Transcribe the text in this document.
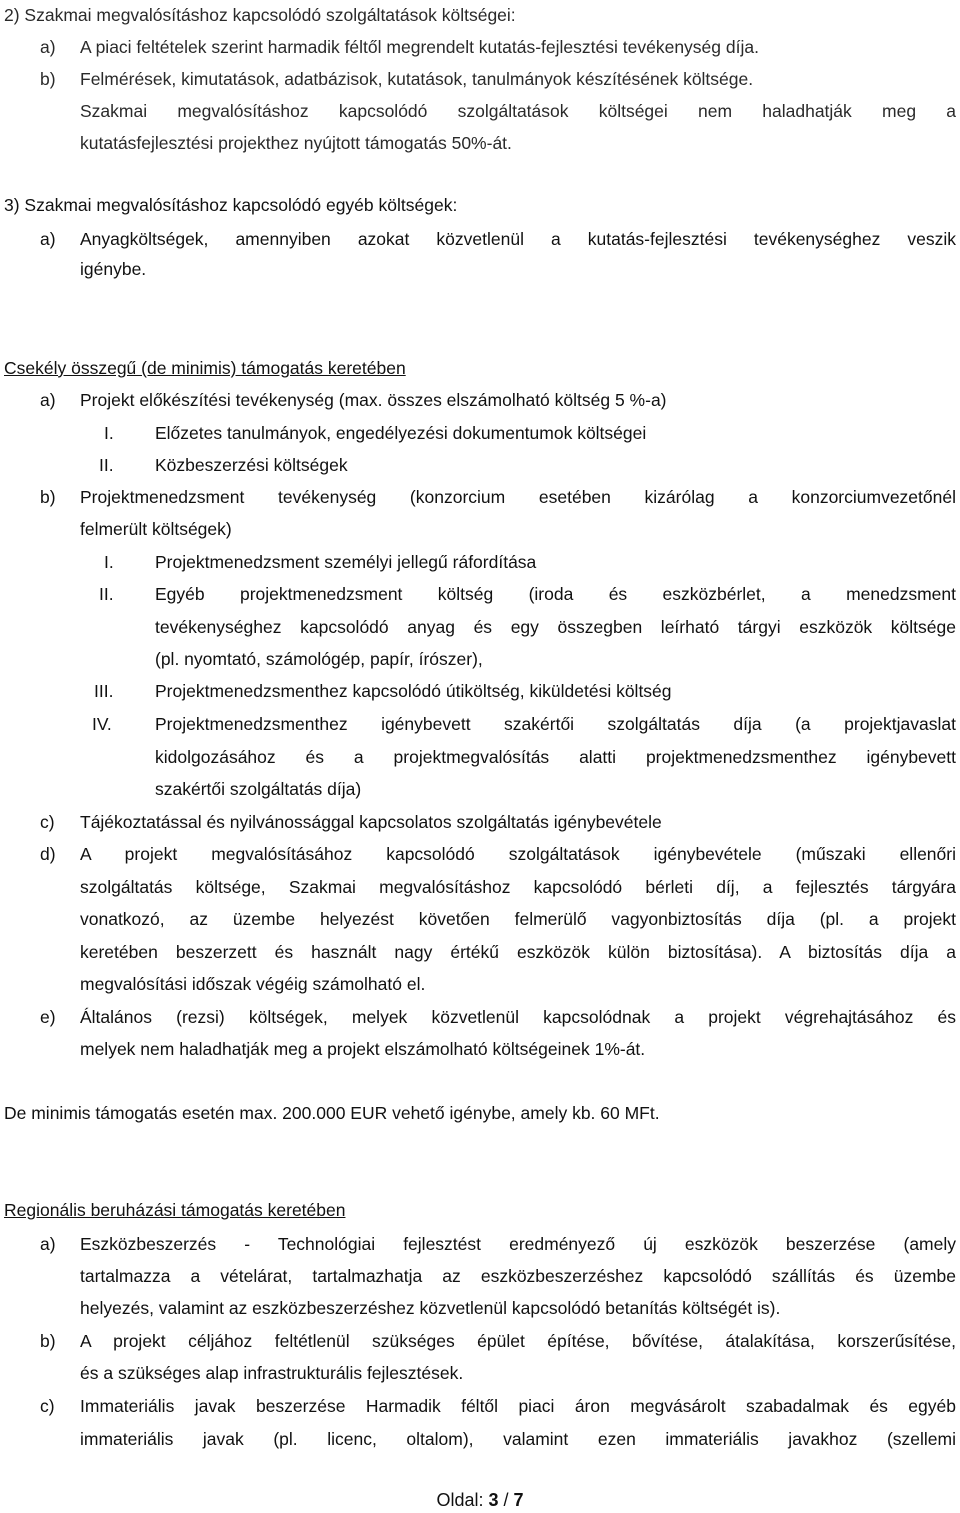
2) Szakmai megvalósításhoz kapcsolódó szolgáltatások költségei:
a) A piaci feltételek szerint harmadik féltől megrendelt kutatás-fejlesztési tevékenység díja.
b) Felmérések, kimutatások, adatbázisok, kutatások, tanulmányok készítésének költsége.
Szakmai megvalósításhoz kapcsolódó szolgáltatások költségei nem haladhatják meg a
kutatásfejlesztési projekthez nyújtott támogatás 50%-át.
3) Szakmai megvalósításhoz kapcsolódó egyéb költségek:
a) Anyagköltségek, amennyiben azokat közvetlenül a kutatás-fejlesztési tevékenységhez veszik
igénybe.
Csekély összegű (de minimis) támogatás keretében
a) Projekt előkészítési tevékenység (max. összes elszámolható költség 5 %-a)
I. Előzetes tanulmányok, engedélyezési dokumentumok költségei
II. Közbeszerzési költségek
b) Projektmenedzsment tevékenység (konzorcium esetében kizárólag a konzorciumvezetőnél
felmerült költségek)
I. Projektmenedzsment személyi jellegű ráfordítása
II. Egyéb projektmenedzsment költség (iroda és eszközbérlet, a menedzsment
tevékenységhez kapcsolódó anyag és egy összegben leírható tárgyi eszközök költsége
(pl. nyomtató, számológép, papír, írószer),
III. Projektmenedzsmenthez kapcsolódó útiköltség, kiküldetési költség
IV. Projektmenedzsmenthez igénybevett szakértői szolgáltatás díja (a projektjavaslat
kidolgozásához és a projektmegvalósítás alatti projektmenedzsmenthez igénybevett
szakértői szolgáltatás díja)
c) Tájékoztatással és nyilvánossággal kapcsolatos szolgáltatás igénybevétele
d) A projekt megvalósításához kapcsolódó szolgáltatások igénybevétele (műszaki ellenőri
szolgáltatás költsége, Szakmai megvalósításhoz kapcsolódó bérleti díj, a fejlesztés tárgyára
vonatkozó, az üzembe helyezést követően felmerülő vagyonbiztosítás díja (pl. a projekt
keretében beszerzett és használt nagy értékű eszközök külön biztosítása). A biztosítás díja a
megvalósítási időszak végéig számolható el.
e) Általános (rezsi) költségek, melyek közvetlenül kapcsolódnak a projekt végrehajtásához és
melyek nem haladhatják meg a projekt elszámolható költségeinek 1%-át.
De minimis támogatás esetén max. 200.000 EUR vehető igénybe, amely kb. 60 MFt.
Regionális beruházási támogatás keretében
a) Eszközbeszerzés - Technológiai fejlesztést eredményező új eszközök beszerzése (amely
tartalmazza a vételárat, tartalmazhatja az eszközbeszerzéshez kapcsolódó szállítás és üzembe
helyezés, valamint az eszközbeszerzéshez közvetlenül kapcsolódó betanítás költségét is).
b) A projekt céljához feltétlenül szükséges épület építése, bővítése, átalakítása, korszerűsítése,
és a szükséges alap infrastrukturális fejlesztések.
c) Immateriális javak beszerzése Harmadik féltől piaci áron megvásárolt szabadalmak és egyéb
immateriális javak (pl. licenc, oltalom), valamint ezen immateriális javakhoz (szellemi
Oldal: 3 / 7
